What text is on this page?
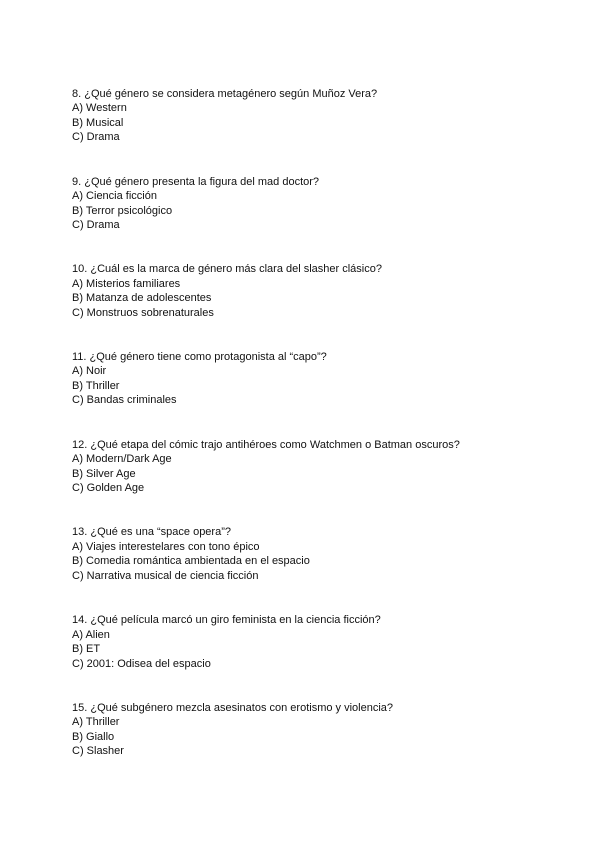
8. ¿Qué género se considera metagénero según Muñoz Vera?
A) Western
B) Musical
C) Drama
9. ¿Qué género presenta la figura del mad doctor?
A) Ciencia ficción
B) Terror psicológico
C) Drama
10. ¿Cuál es la marca de género más clara del slasher clásico?
A) Misterios familiares
B) Matanza de adolescentes
C) Monstruos sobrenaturales
11. ¿Qué género tiene como protagonista al “capo”?
A) Noir
B) Thriller
C) Bandas criminales
12. ¿Qué etapa del cómic trajo antihéroes como Watchmen o Batman oscuros?
A) Modern/Dark Age
B) Silver Age
C) Golden Age
13. ¿Qué es una “space opera”?
A) Viajes interestelares con tono épico
B) Comedia romántica ambientada en el espacio
C) Narrativa musical de ciencia ficción
14. ¿Qué película marcó un giro feminista en la ciencia ficción?
A) Alien
B) ET
C) 2001: Odisea del espacio
15. ¿Qué subgénero mezcla asesinatos con erotismo y violencia?
A) Thriller
B) Giallo
C) Slasher
